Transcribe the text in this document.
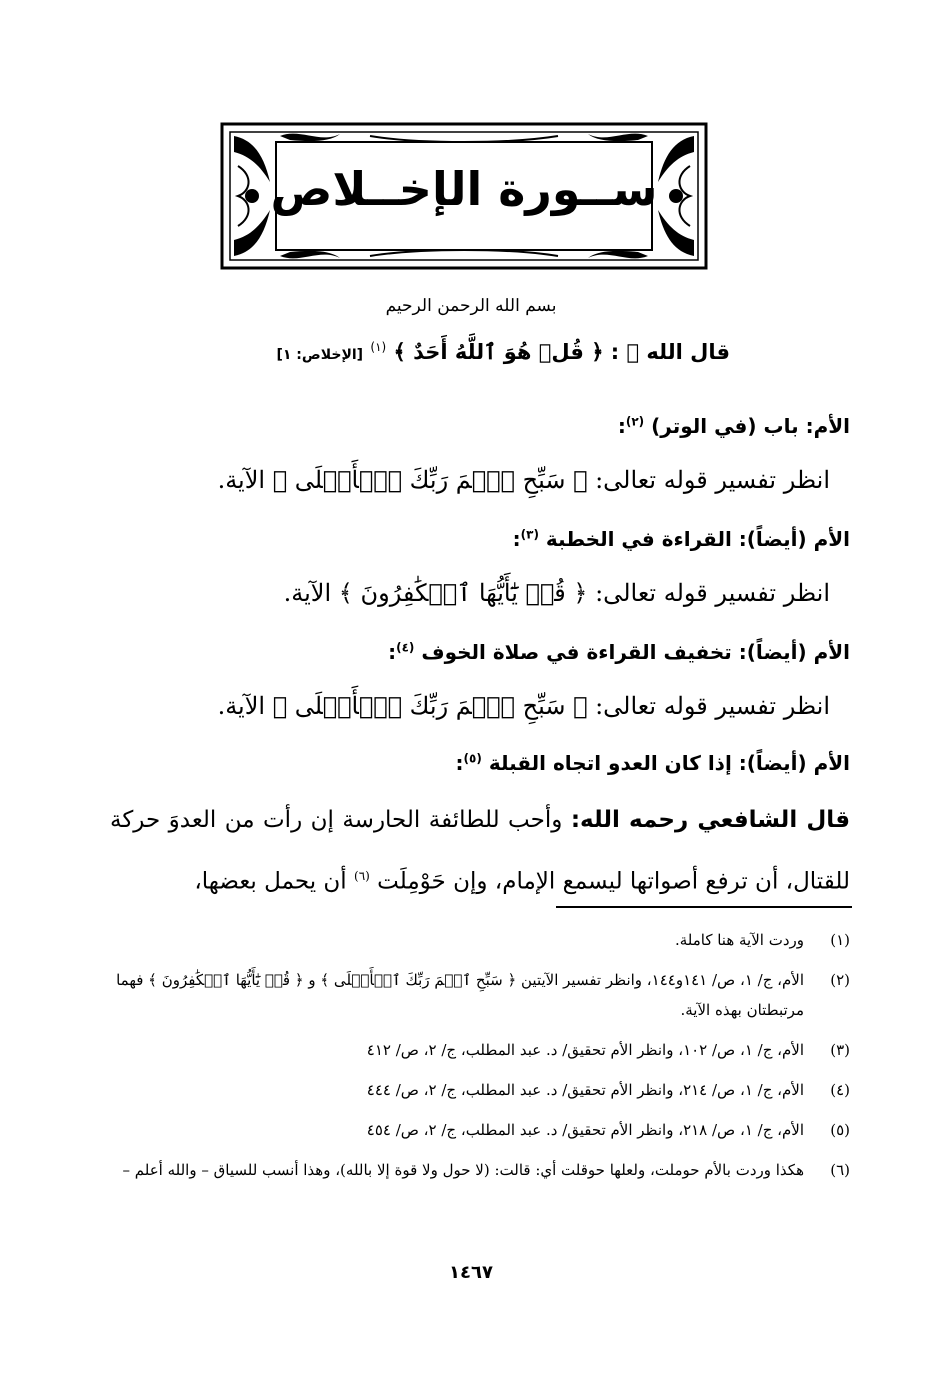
ســورة الإخــلاص
بسم الله الرحمن الرحيم
قال الله ﷻ : ﴿ قُلۡ هُوَ ٱللَّهُ أَحَدٌ ﴾ $^{(١)}$ [الإخلاص: ١]
الأم: باب (في الوتر) $^{(٢)}$:
انظر تفسير قوله تعالى: ﴿ سَبِّحِ ٱسۡمَ رَبِّكَ ٱلۡأَعۡلَى ﴾ الآية.
الأم (أيضاً): القراءة في الخطبة $^{(٣)}$:
انظر تفسير قوله تعالى: ﴿ قُلۡ يَٰٓأَيُّهَا ٱلۡكَٰفِرُونَ ﴾ الآية.
الأم (أيضاً): تخفيف القراءة في صلاة الخوف $^{(٤)}$:
انظر تفسير قوله تعالى: ﴿ سَبِّحِ ٱسۡمَ رَبِّكَ ٱلۡأَعۡلَى ﴾ الآية.
الأم (أيضاً): إذا كان العدو اتجاه القبلة $^{(٥)}$:
قال الشافعي رحمه الله: وأحب للطائفة الحارسة إن رأت من العدوَ حركة للقتال، أن ترفع أصواتها ليسمع الإمام، وإن حَوْمِلَت $^{(٦)}$ أن يحمل بعضها،
(١)
وردت الآية هنا كاملة.
(٢)
الأم، ج/ ١، ص/ ١٤١و١٤٤، وانظر تفسير الآيتين ﴿ سَبِّحِ ٱسۡمَ رَبِّكَ ٱلۡأَعۡلَى ﴾ و ﴿ قُلۡ يَٰٓأَيُّهَا ٱلۡكَٰفِرُونَ ﴾ فهما مرتبطتان بهذه الآية.
(٣)
الأم، ج/ ١، ص/ ١٠٢، وانظر الأم تحقيق/ د. عبد المطلب، ج/ ٢، ص/ ٤١٢
(٤)
الأم، ج/ ١، ص/ ٢١٤، وانظر الأم تحقيق/ د. عبد المطلب، ج/ ٢، ص/ ٤٤٤
(٥)
الأم، ج/ ١، ص/ ٢١٨، وانظر الأم تحقيق/ د. عبد المطلب، ج/ ٢، ص/ ٤٥٤
(٦)
هكذا وردت بالأم حوملت، ولعلها حوقلت أي: قالت: (لا حول ولا قوة إلا بالله)، وهذا أنسب للسياق – والله أعلم –
١٤٦٧
